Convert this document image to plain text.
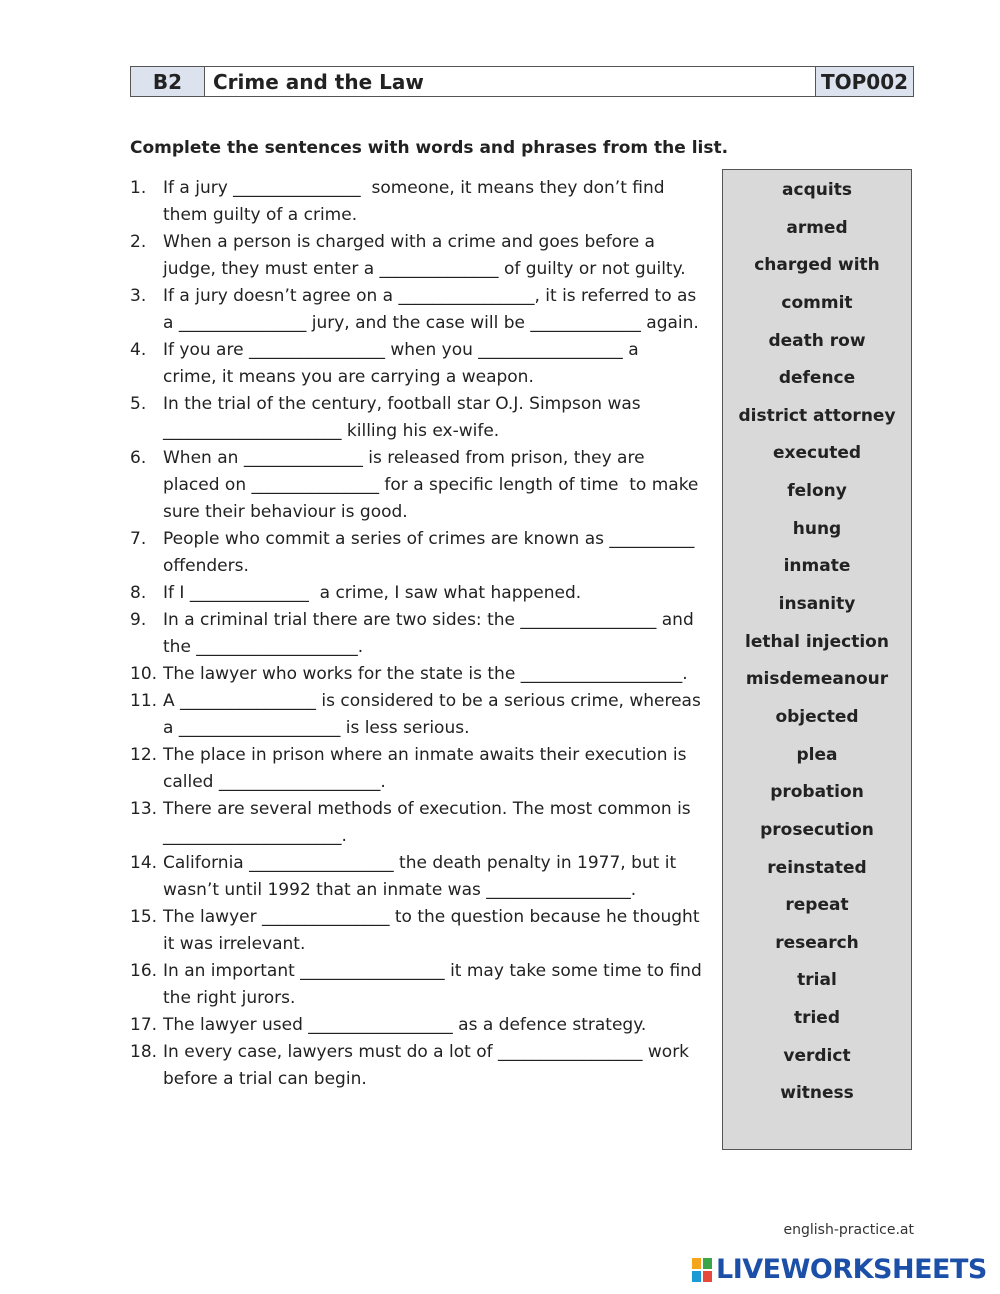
B2	Crime and the Law	TOP002
Complete the sentences with words and phrases from the list.
1. If a jury _______________  someone, it means they don’t find
them guilty of a crime.
2. When a person is charged with a crime and goes before a
judge, they must enter a ______________ of guilty or not guilty.
3. If a jury doesn’t agree on a ________________, it is referred to as
a _______________ jury, and the case will be _____________ again.
4. If you are ________________ when you _________________ a
crime, it means you are carrying a weapon.
5. In the trial of the century, football star O.J. Simpson was
_____________________ killing his ex-wife.
6. When an ______________ is released from prison, they are
placed on _______________ for a specific length of time  to make
sure their behaviour is good.
7. People who commit a series of crimes are known as __________
offenders.
8. If I ______________  a crime, I saw what happened.
9. In a criminal trial there are two sides: the ________________ and
the ___________________.
10. The lawyer who works for the state is the ___________________.
11. A ________________ is considered to be a serious crime, whereas
a ___________________ is less serious.
12. The place in prison where an inmate awaits their execution is
called ___________________.
13. There are several methods of execution. The most common is
_____________________.
14. California _________________ the death penalty in 1977, but it
wasn’t until 1992 that an inmate was _________________.
15. The lawyer _______________ to the question because he thought
it was irrelevant.
16. In an important _________________ it may take some time to find
the right jurors.
17. The lawyer used _________________ as a defence strategy.
18. In every case, lawyers must do a lot of _________________ work
before a trial can begin.
acquits
armed
charged with
commit
death row
defence
district attorney
executed
felony
hung
inmate
insanity
lethal injection
misdemeanour
objected
plea
probation
prosecution
reinstated
repeat
research
trial
tried
verdict
witness
english-practice.at
LIVEWORKSHEETS
